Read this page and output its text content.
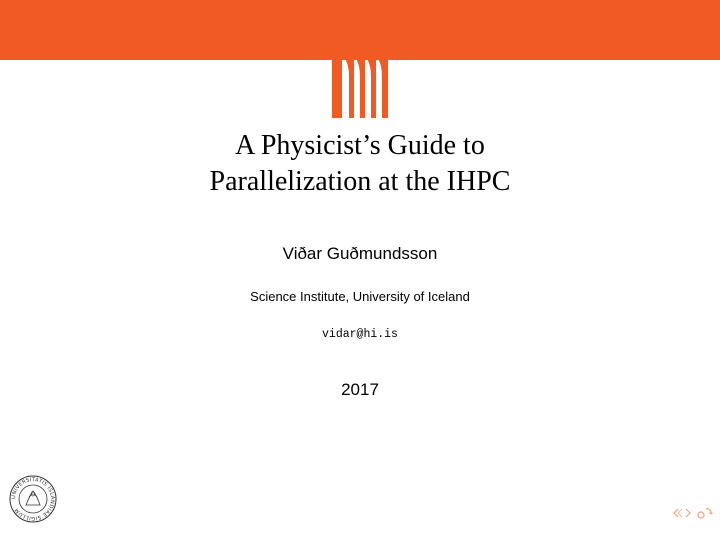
A Physicist’s Guide to
Parallelization at the IHPC
Viðar Guðmundsson
Science Institute, University of Iceland
vidar@hi.is
2017
UNIVERSITATIS ISLANDIAE SIGILLUM
